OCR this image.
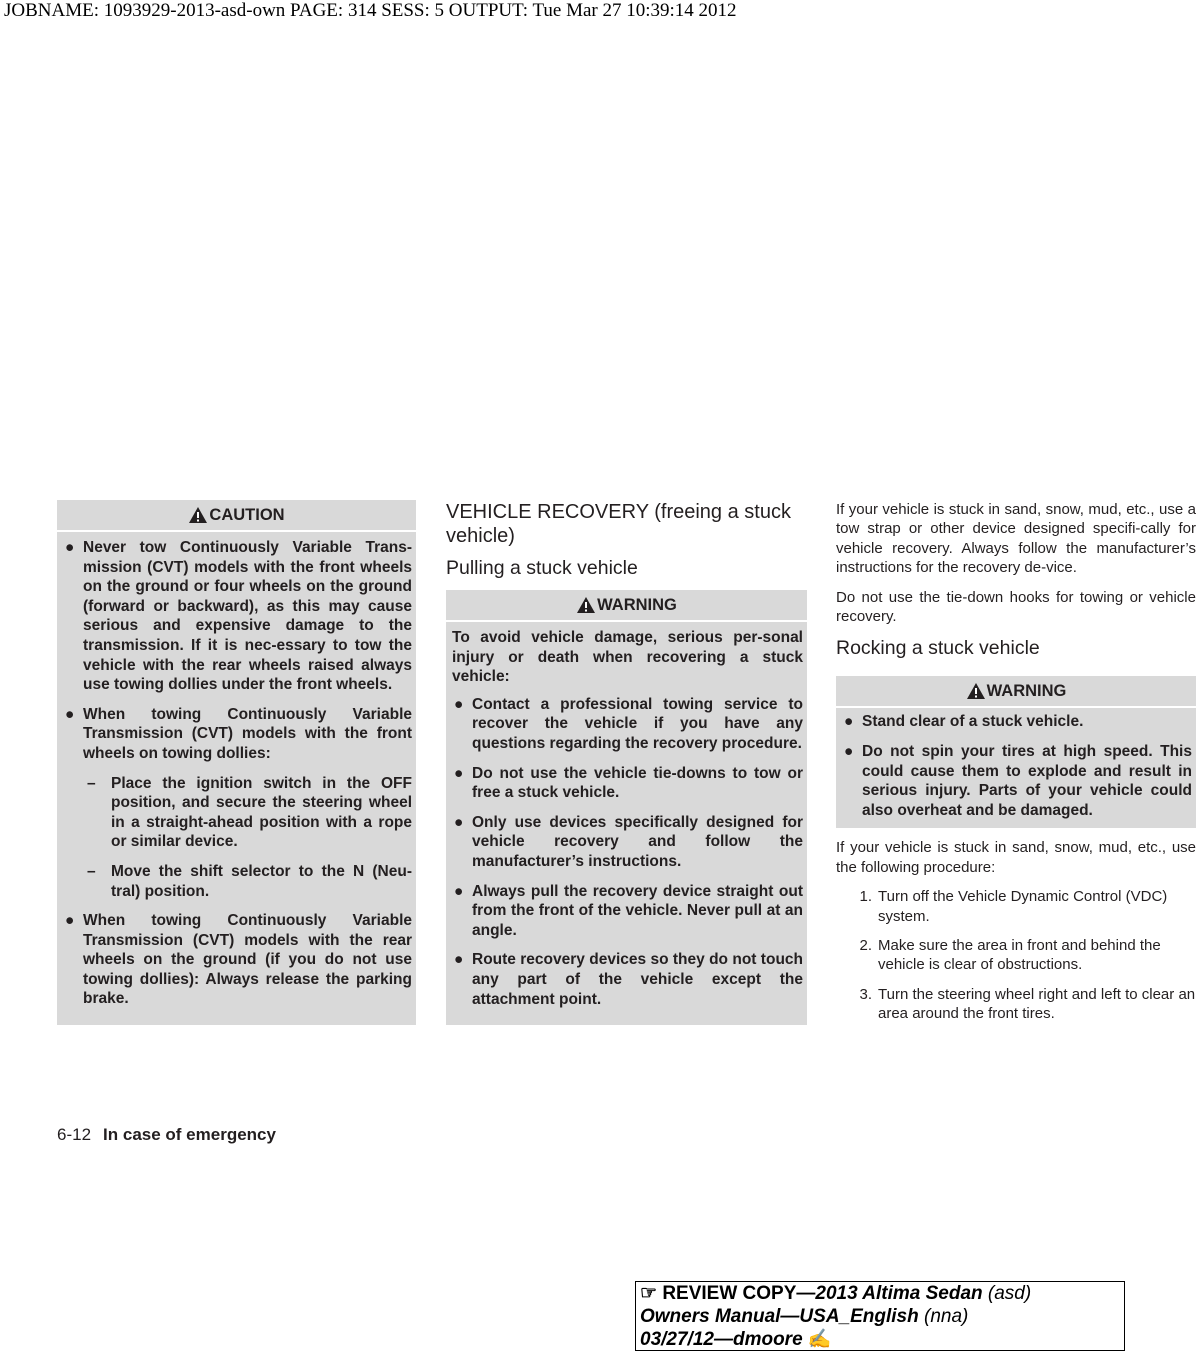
JOBNAME: 1093929-2013-asd-own PAGE: 314 SESS: 5 OUTPUT: Tue Mar 27 10:39:14 2012
CAUTION
● Never tow Continuously Variable Trans-mission (CVT) models with the front wheels on the ground or four wheels on the ground (forward or backward), as this may cause serious and expensive damage to the transmission. If it is nec-essary to tow the vehicle with the rear wheels raised always use towing dollies under the front wheels.
● When towing Continuously Variable Transmission (CVT) models with the front wheels on towing dollies:
– Place the ignition switch in the OFF position, and secure the steering wheel in a straight-ahead position with a rope or similar device.
– Move the shift selector to the N (Neu-tral) position.
● When towing Continuously Variable Transmission (CVT) models with the rear wheels on the ground (if you do not use towing dollies): Always release the parking brake.
VEHICLE RECOVERY (freeing a stuck vehicle)
Pulling a stuck vehicle
WARNING

To avoid vehicle damage, serious per-sonal injury or death when recovering a stuck vehicle:

● Contact a professional towing service to recover the vehicle if you have any questions regarding the recovery procedure.
● Do not use the vehicle tie-downs to tow or free a stuck vehicle.
● Only use devices specifically designed for vehicle recovery and follow the manufacturer’s instructions.
● Always pull the recovery device straight out from the front of the vehicle. Never pull at an angle.
● Route recovery devices so they do not touch any part of the vehicle except the attachment point.

If your vehicle is stuck in sand, snow, mud, etc., use a tow strap or other device designed specifi-cally for vehicle recovery. Always follow the manufacturer’s instructions for the recovery de-vice.

Do not use the tie-down hooks for towing or vehicle recovery.

Rocking a stuck vehicle
WARNING
● Stand clear of a stuck vehicle.
● Do not spin your tires at high speed. This could cause them to explode and result in serious injury. Parts of your vehicle could also overheat and be damaged.

If your vehicle is stuck in sand, snow, mud, etc., use the following procedure:

1. Turn off the Vehicle Dynamic Control (VDC) system.
2. Make sure the area in front and behind the vehicle is clear of obstructions.
3. Turn the steering wheel right and left to clear an area around the front tires.
6-12 In case of emergency
☞ REVIEW COPY—2013 Altima Sedan (asd)
Owners Manual—USA_English (nna)
03/27/12—dmoore ✍
